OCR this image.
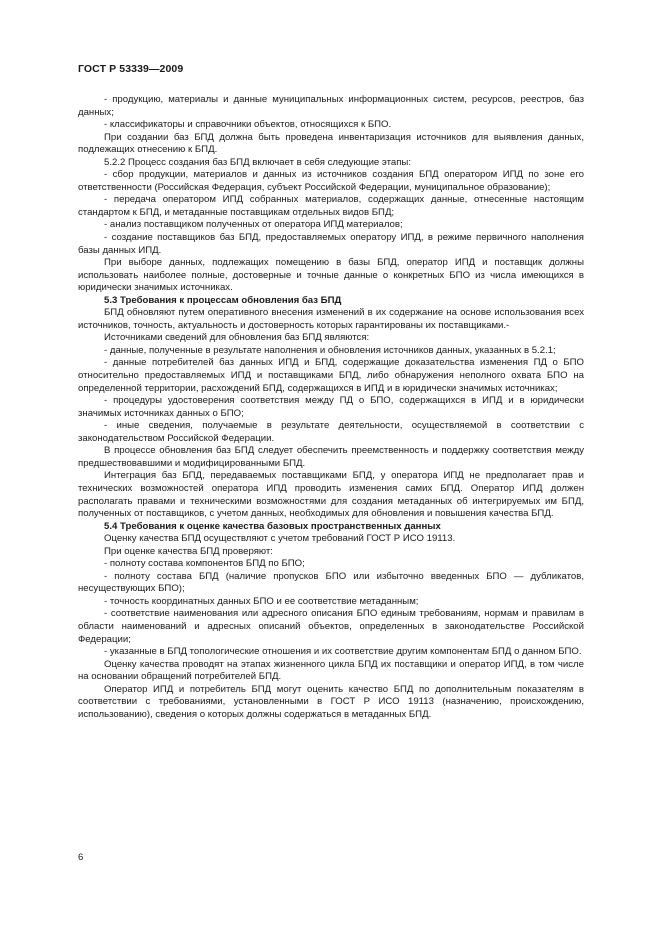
ГОСТ Р 53339—2009

- продукцию, материалы и данные муниципальных информационных систем, ресурсов, реестров, баз данных;

- классификаторы и справочники объектов, относящихся к БПО.

При создании баз БПД должна быть проведена инвентаризация источников для выявления данных, подлежащих отнесению к БПД.

5.2.2 Процесс создания баз БПД включает в себя следующие этапы:

- сбор продукции, материалов и данных из источников создания БПД оператором ИПД по зоне его ответственности (Российская Федерация, субъект Российской Федерации, муниципальное образование);

- передача оператором ИПД собранных материалов, содержащих данные, отнесенные настоящим стандартом к БПД, и метаданные поставщикам отдельных видов БПД;

- анализ поставщиком полученных от оператора ИПД материалов;

- создание поставщиков баз БПД, предоставляемых оператору ИПД, в режиме первичного наполнения базы данных ИПД.

При выборе данных, подлежащих помещению в базы БПД, оператор ИПД и поставщик должны использовать наиболее полные, достоверные и точные данные о конкретных БПО из числа имеющихся в юридически значимых источниках.

5.3 Требования к процессам обновления баз БПД

БПД обновляют путем оперативного внесения изменений в их содержание на основе использования всех источников, точность, актуальность и достоверность которых гарантированы их поставщиками.-

Источниками сведений для обновления баз БПД являются:

- данные, полученные в результате наполнения и обновления источников данных, указанных в 5.2.1;

- данные потребителей баз данных ИПД и БПД, содержащие доказательства изменения ПД о БПО относительно предоставляемых ИПД и поставщиками БПД, либо обнаружения неполного охвата БПО на определенной территории, расхождений БПД, содержащихся в ИПД и в юридически значимых источниках;

- процедуры удостоверения соответствия между ПД о БПО, содержащихся в ИПД и в юридически значимых источниках данных о БПО;

- иные сведения, получаемые в результате деятельности, осуществляемой в соответствии с законодательством Российской Федерации.

В процессе обновления баз БПД следует обеспечить преемственность и поддержку соответствия между предшествовавшими и модифицированными БПД.

Интеграция баз БПД, передаваемых поставщиками БПД, у оператора ИПД не предполагает прав и технических возможностей оператора ИПД проводить изменения самих БПД. Оператор ИПД должен располагать правами и техническими возможностями для создания метаданных об интегрируемых им БПД, полученных от поставщиков, с учетом данных, необходимых для обновления и повышения качества БПД.

5.4 Требования к оценке качества базовых пространственных данных

Оценку качества БПД осуществляют с учетом требований ГОСТ Р ИСО 19113.

При оценке качества БПД проверяют:

- полноту состава компонентов БПД по БПО;

- полноту состава БПД (наличие пропусков БПО или избыточно введенных БПО — дубликатов, несуществующих БПО);

- точность координатных данных БПО и ее соответствие метаданным;

- соответствие наименования или адресного описания БПО единым требованиям, нормам и правилам в области наименований и адресных описаний объектов, определенных в законодательстве Российской Федерации;

- указанные в БПД топологические отношения и их соответствие другим компонентам БПД о данном БПО.

Оценку качества проводят на этапах жизненного цикла БПД их поставщики и оператор ИПД, в том числе на основании обращений потребителей БПД.

Оператор ИПД и потребитель БПД могут оценить качество БПД по дополнительным показателям в соответствии с требованиями, установленными в ГОСТ Р ИСО 19113 (назначению, происхождению, использованию), сведения о которых должны содержаться в метаданных БПД.

6
